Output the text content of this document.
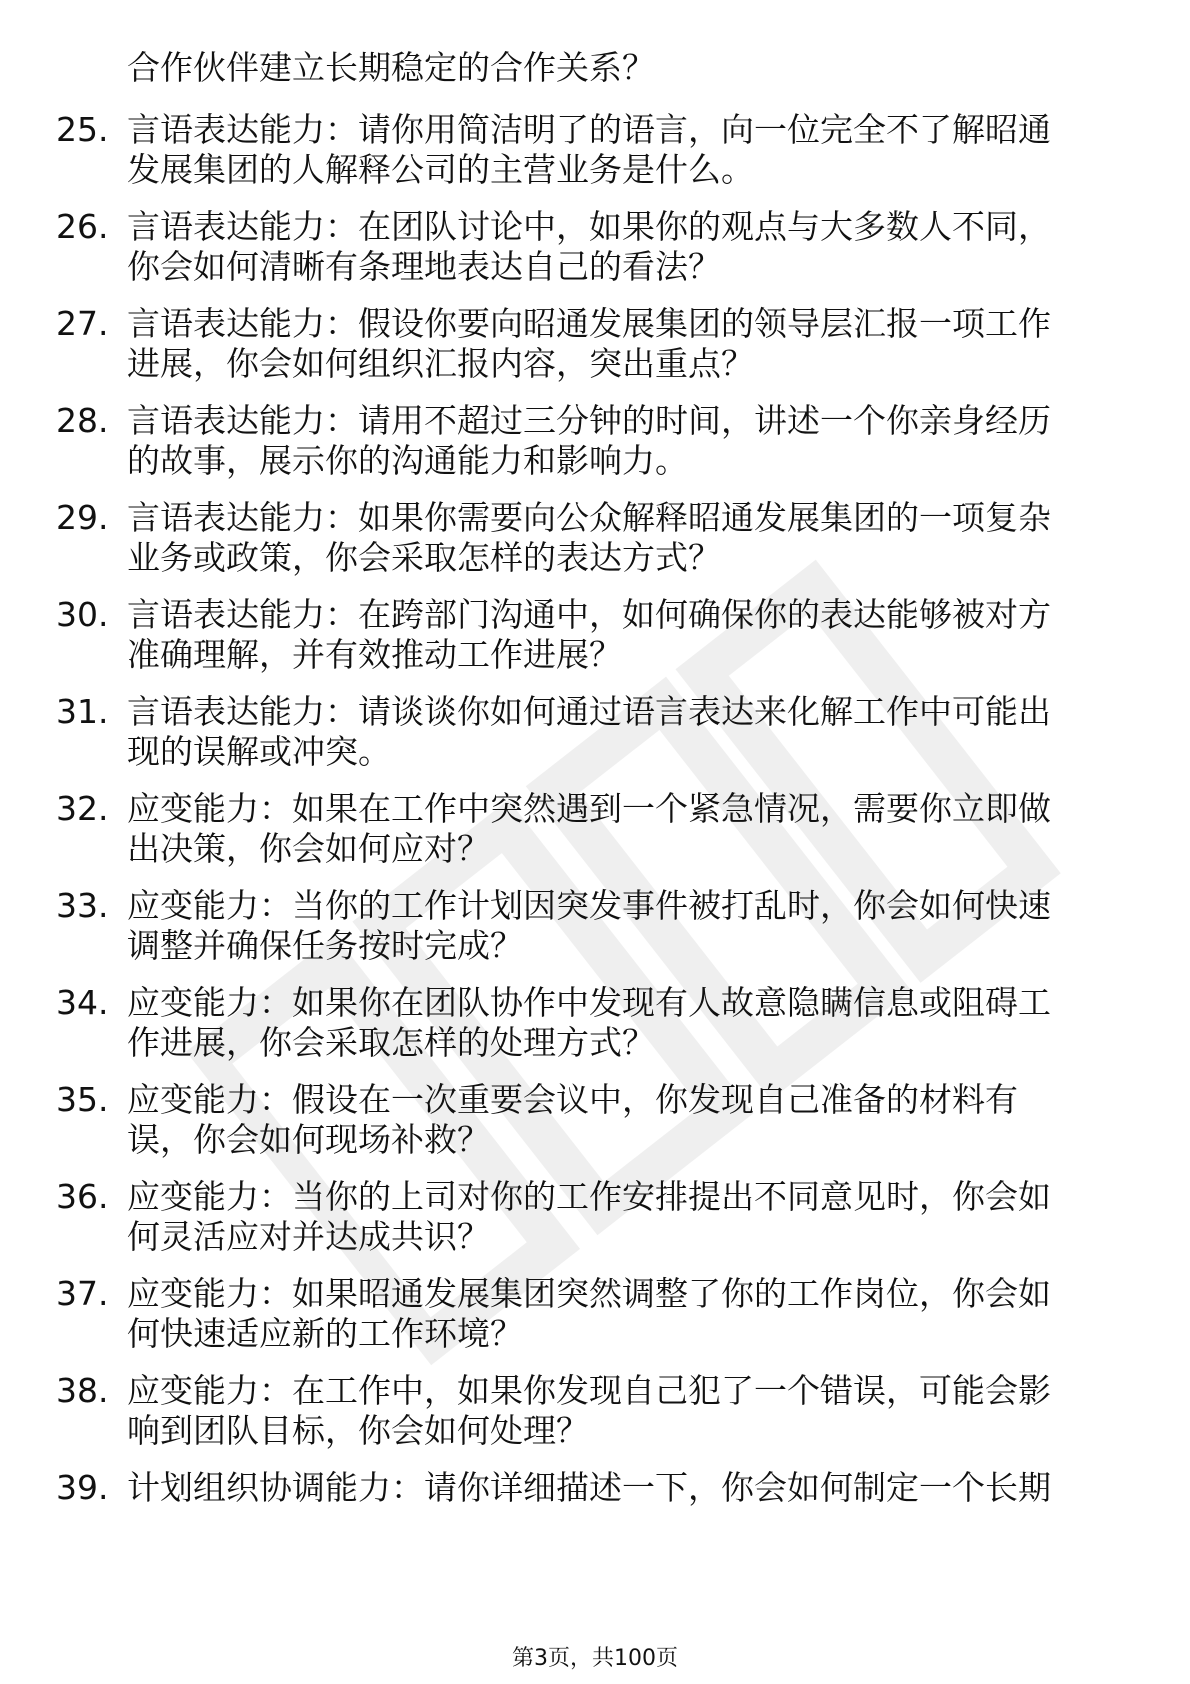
合作伙伴建立长期稳定的合作关系？
25. 言语表达能力：请你用简洁明了的语言，向一位完全不了解昭通
发展集团的人解释公司的主营业务是什么。
26. 言语表达能力：在团队讨论中，如果你的观点与大多数人不同，
你会如何清晰有条理地表达自己的看法？
27. 言语表达能力：假设你要向昭通发展集团的领导层汇报一项工作
进展，你会如何组织汇报内容，突出重点？
28. 言语表达能力：请用不超过三分钟的时间，讲述一个你亲身经历
的故事，展示你的沟通能力和影响力。
29. 言语表达能力：如果你需要向公众解释昭通发展集团的一项复杂
业务或政策，你会采取怎样的表达方式？
30. 言语表达能力：在跨部门沟通中，如何确保你的表达能够被对方
准确理解，并有效推动工作进展？
31. 言语表达能力：请谈谈你如何通过语言表达来化解工作中可能出
现的误解或冲突。
32. 应变能力：如果在工作中突然遇到一个紧急情况，需要你立即做
出决策，你会如何应对？
33. 应变能力：当你的工作计划因突发事件被打乱时，你会如何快速
调整并确保任务按时完成？
34. 应变能力：如果你在团队协作中发现有人故意隐瞒信息或阻碍工
作进展，你会采取怎样的处理方式？
35. 应变能力：假设在一次重要会议中，你发现自己准备的材料有
误，你会如何现场补救？
36. 应变能力：当你的上司对你的工作安排提出不同意见时，你会如
何灵活应对并达成共识？
37. 应变能力：如果昭通发展集团突然调整了你的工作岗位，你会如
何快速适应新的工作环境？
38. 应变能力：在工作中，如果你发现自己犯了一个错误，可能会影
响到团队目标，你会如何处理？
39. 计划组织协调能力：请你详细描述一下，你会如何制定一个长期
第3页，共100页
